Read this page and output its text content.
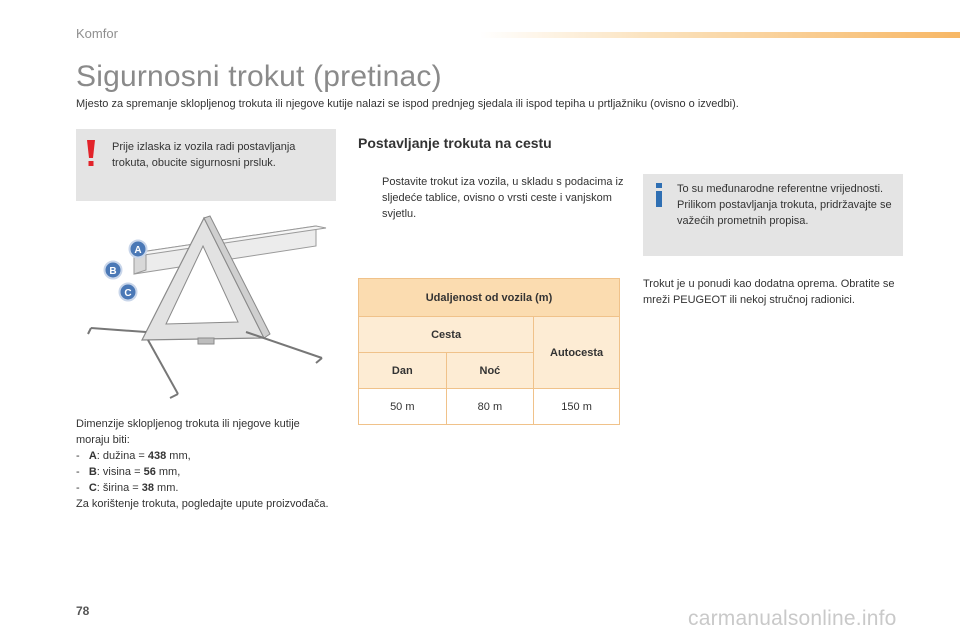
Komfor
Sigurnosni trokut (pretinac)

Mjesto za spremanje sklopljenog trokuta ili njegove kutije nalazi se ispod prednjeg sjedala ili ispod tepiha u prtljažniku (ovisno o izvedbi).

Prije izlaska iz vozila radi postavljanja trokuta, obucite sigurnosni prsluk.
A
B
C
Dimenzije sklopljenog trokuta ili njegove kutije moraju biti:
- A: dužina = 438 mm,
- B: visina = 56 mm,
- C: širina = 38 mm.
Za korištenje trokuta, pogledajte upute proizvođača.
Postavljanje trokuta na cestu
Postavite trokut iza vozila, u skladu s podacima iz sljedeće tablice, ovisno o vrsti ceste i vanjskom svjetlu.
To su međunarodne referentne vrijednosti.
Prilikom postavljanja trokuta, pridržavajte se važećih prometnih propisa.
Trokut je u ponudi kao dodatna oprema. Obratite se mreži PEUGEOT ili nekoj stručnoj radionici.
Udaljenost od vozila (m)		
Cesta		Autocesta
Dan	Noć	
50 m	80 m	150 m
78	carmanualsonline.info
